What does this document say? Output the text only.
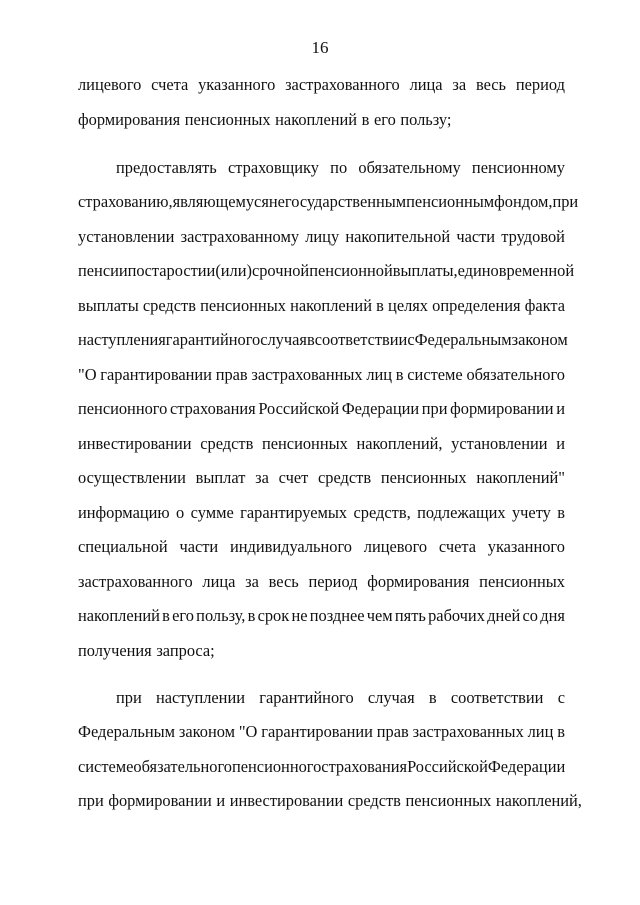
16
лицевого счета указанного застрахованного лица за весь период
формирования пенсионных накоплений в его пользу;
предоставлять страховщику по обязательному пенсионному
страхованию, являющемуся негосударственным пенсионным фондом, при
установлении застрахованному лицу накопительной части трудовой
пенсии по старости и (или) срочной пенсионной выплаты, единовременной
выплаты средств пенсионных накоплений в целях определения факта
наступления гарантийного случая в соответствии с Федеральным законом
"О гарантировании прав застрахованных лиц в системе обязательного
пенсионного страхования Российской Федерации при формировании и
инвестировании средств пенсионных накоплений, установлении и
осуществлении выплат за счет средств пенсионных накоплений"
информацию о сумме гарантируемых средств, подлежащих учету в
специальной части индивидуального лицевого счета указанного
застрахованного лица за весь период формирования пенсионных
накоплений в его пользу, в срок не позднее чем пять рабочих дней со дня
получения запроса;
при наступлении гарантийного случая в соответствии с
Федеральным законом "О гарантировании прав застрахованных лиц в
системе обязательного пенсионного страхования Российской Федерации
при формировании и инвестировании средств пенсионных накоплений,
